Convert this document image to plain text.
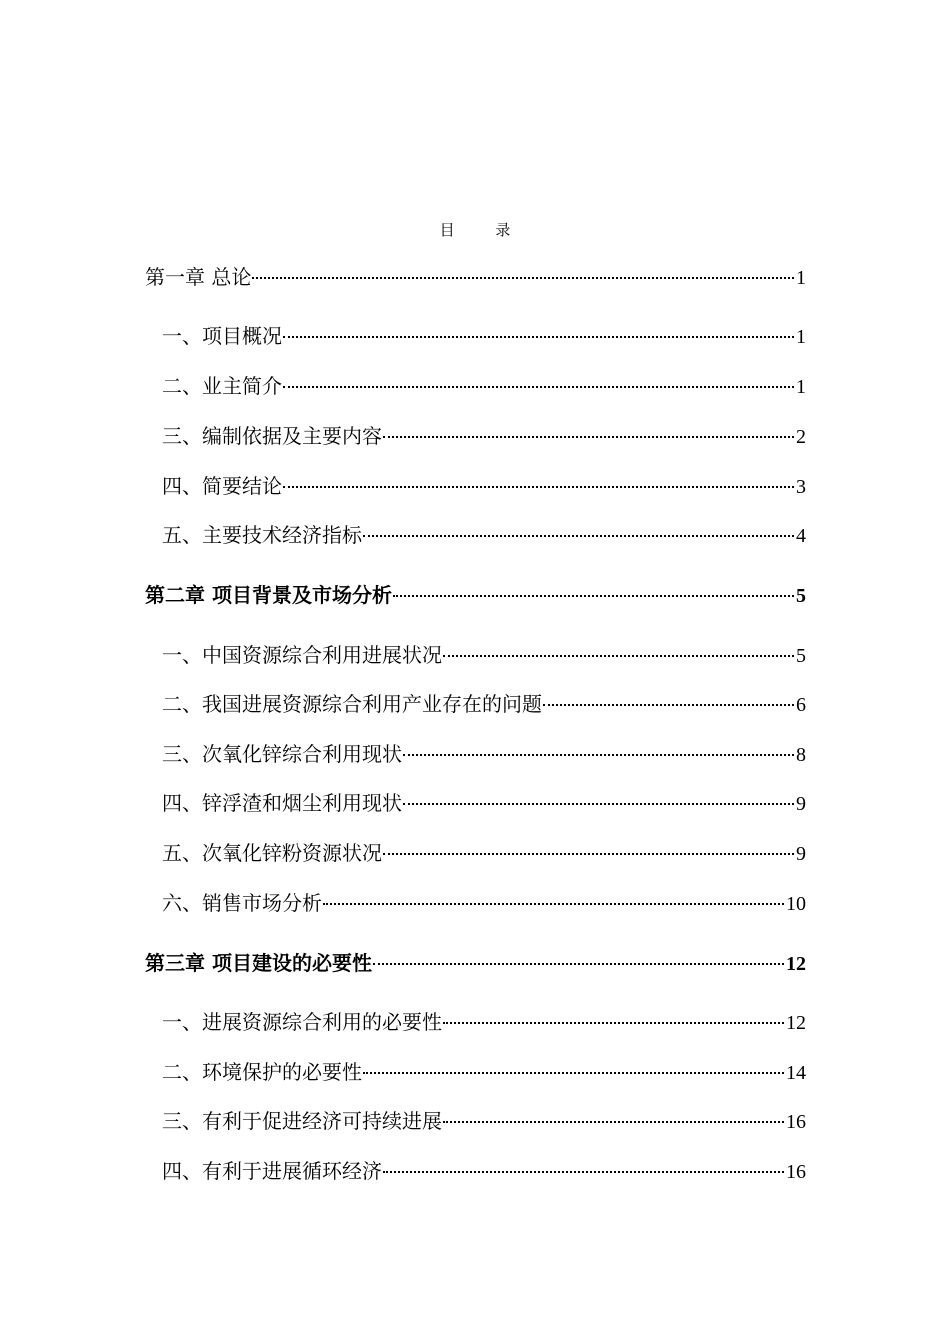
目 录
第一章 总论	1
一、项目概况	1
二、业主简介	1
三、编制依据及主要内容	2
四、简要结论	3
五、主要技术经济指标	4
第二章 项目背景及市场分析	5
一、中国资源综合利用进展状况	5
二、我国进展资源综合利用产业存在的问题	6
三、次氧化锌综合利用现状	8
四、锌浮渣和烟尘利用现状	9
五、次氧化锌粉资源状况	9
六、销售市场分析	10
第三章 项目建设的必要性	12
一、进展资源综合利用的必要性	12
二、环境保护的必要性	14
三、有利于促进经济可持续进展	16
四、有利于进展循环经济	16
